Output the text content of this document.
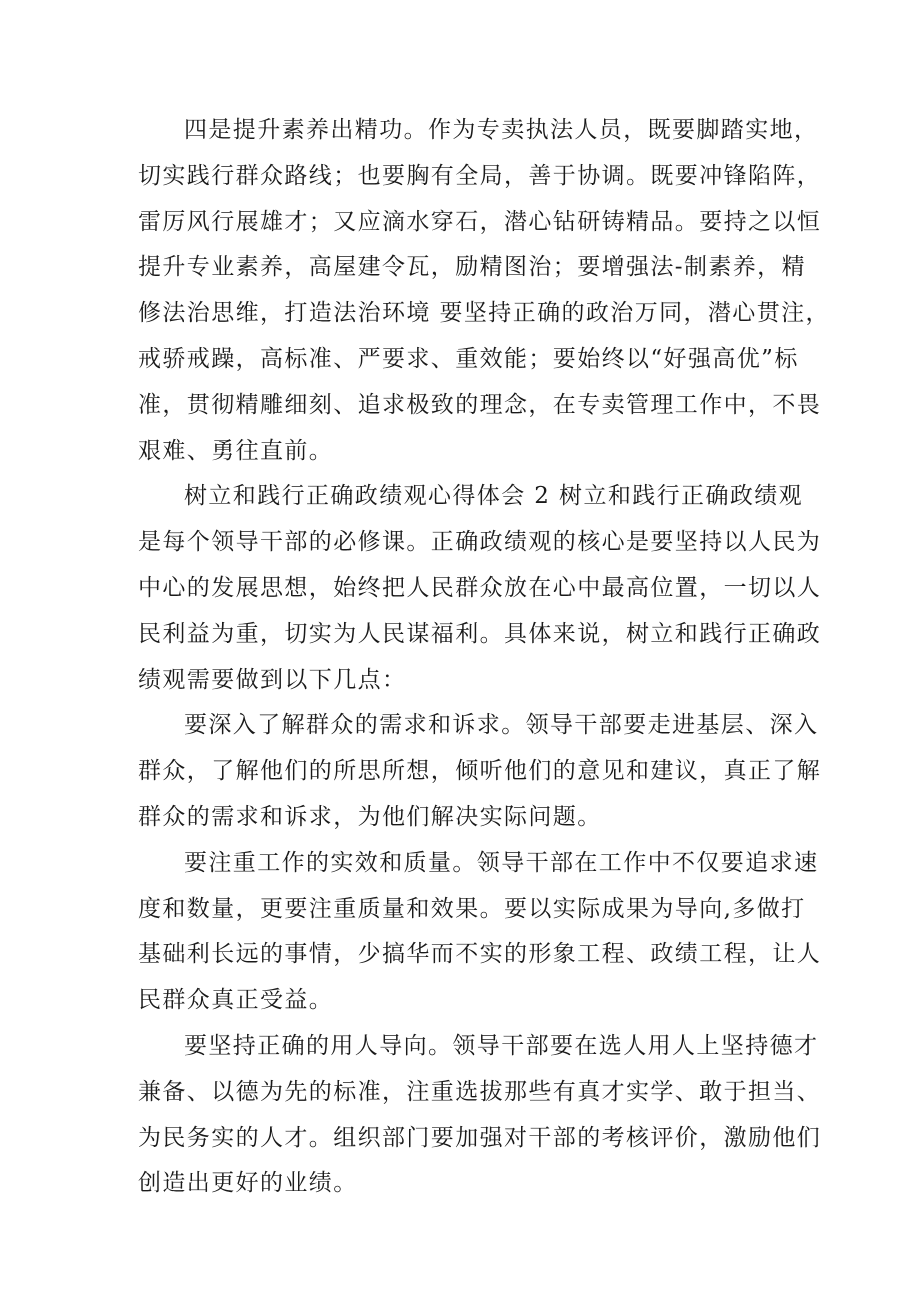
四是提升素养出精功。作为专卖执法人员，既要脚踏实地，
切实践行群众路线；也要胸有全局，善于协调。既要冲锋陷阵，
雷厉风行展雄才；又应滴水穿石，潜心钻研铸精品。要持之以恒
提升专业素养，高屋建令瓦，励精图治；要增强法-制素养，精
修法治思维，打造法治环境 要坚持正确的政治万同，潜心贯注，
戒骄戒躁，高标准、严要求、重效能；要始终以“好强高优”标
准，贯彻精雕细刻、追求极致的理念，在专卖管理工作中，不畏
艰难、勇往直前。

树立和践行正确政绩观心得体会 2 树立和践行正确政绩观
是每个领导干部的必修课。正确政绩观的核心是要坚持以人民为
中心的发展思想，始终把人民群众放在心中最高位置，一切以人
民利益为重，切实为人民谋福利。具体来说，树立和践行正确政
绩观需要做到以下几点：

要深入了解群众的需求和诉求。领导干部要走进基层、深入
群众，了解他们的所思所想，倾听他们的意见和建议，真正了解
群众的需求和诉求，为他们解决实际问题。

要注重工作的实效和质量。领导干部在工作中不仅要追求速
度和数量，更要注重质量和效果。要以实际成果为导向,多做打
基础利长远的事情，少搞华而不实的形象工程、政绩工程，让人
民群众真正受益。

要坚持正确的用人导向。领导干部要在选人用人上坚持德才
兼备、以德为先的标准，注重选拔那些有真才实学、敢于担当、
为民务实的人才。组织部门要加强对干部的考核评价，激励他们
创造出更好的业绩。
